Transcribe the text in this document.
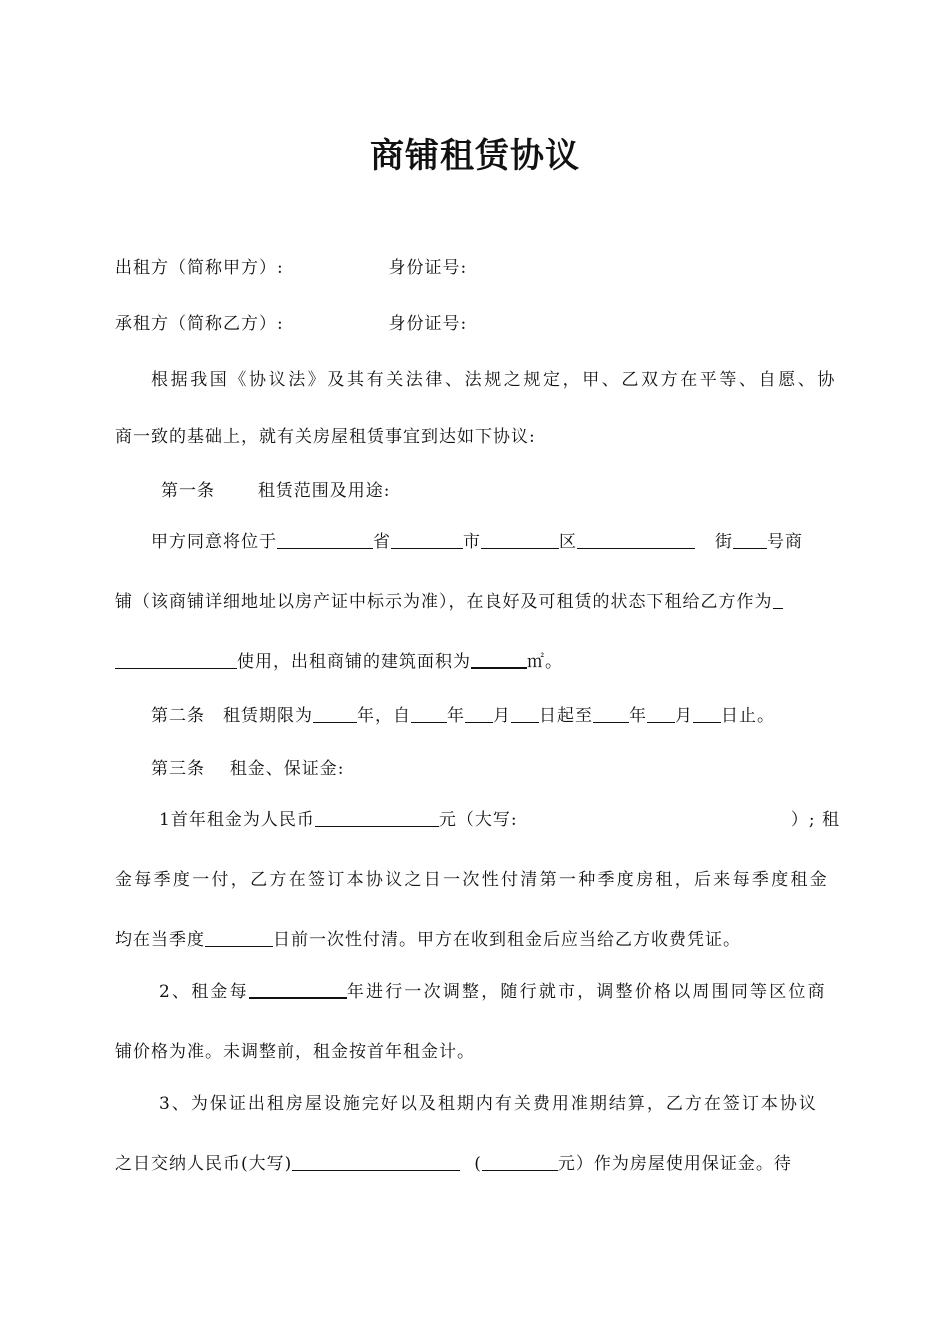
商铺租赁协议
出租方（简称甲方）:	身份证号:
承租方（简称乙方）:	身份证号:
根据我国《协议法》及其有关法律、法规之规定，甲、乙双方在平等、自愿、协
商一致的基础上，就有关房屋租赁事宜到达如下协议:
第一条	租赁范围及用途:
甲方同意将位于	省	市	区	街 号商
铺（该商铺详细地址以房产证中标示为准），在良好及可租赁的状态下租给乙方作为
使用，出租商铺的建筑面积为	㎡。
第二条 租赁期限为	年，自 年 月 日起至 年 月 日止。
第三条 租金、保证金:
1首年租金为人民币	元（大写:	）; 租
金每季度一付，乙方在签订本协议之日一次性付清第一种季度房租，后来每季度租金
均在当季度	日前一次性付清。甲方在收到租金后应当给乙方收费凭证。
2、租金每	年进行一次调整，随行就市，调整价格以周围同等区位商
铺价格为准。未调整前，租金按首年租金计。
3、为保证出租房屋设施完好以及租期内有关费用准期结算，乙方在签订本协议
之日交纳人民币(大写)	(	元）作为房屋使用保证金。待
